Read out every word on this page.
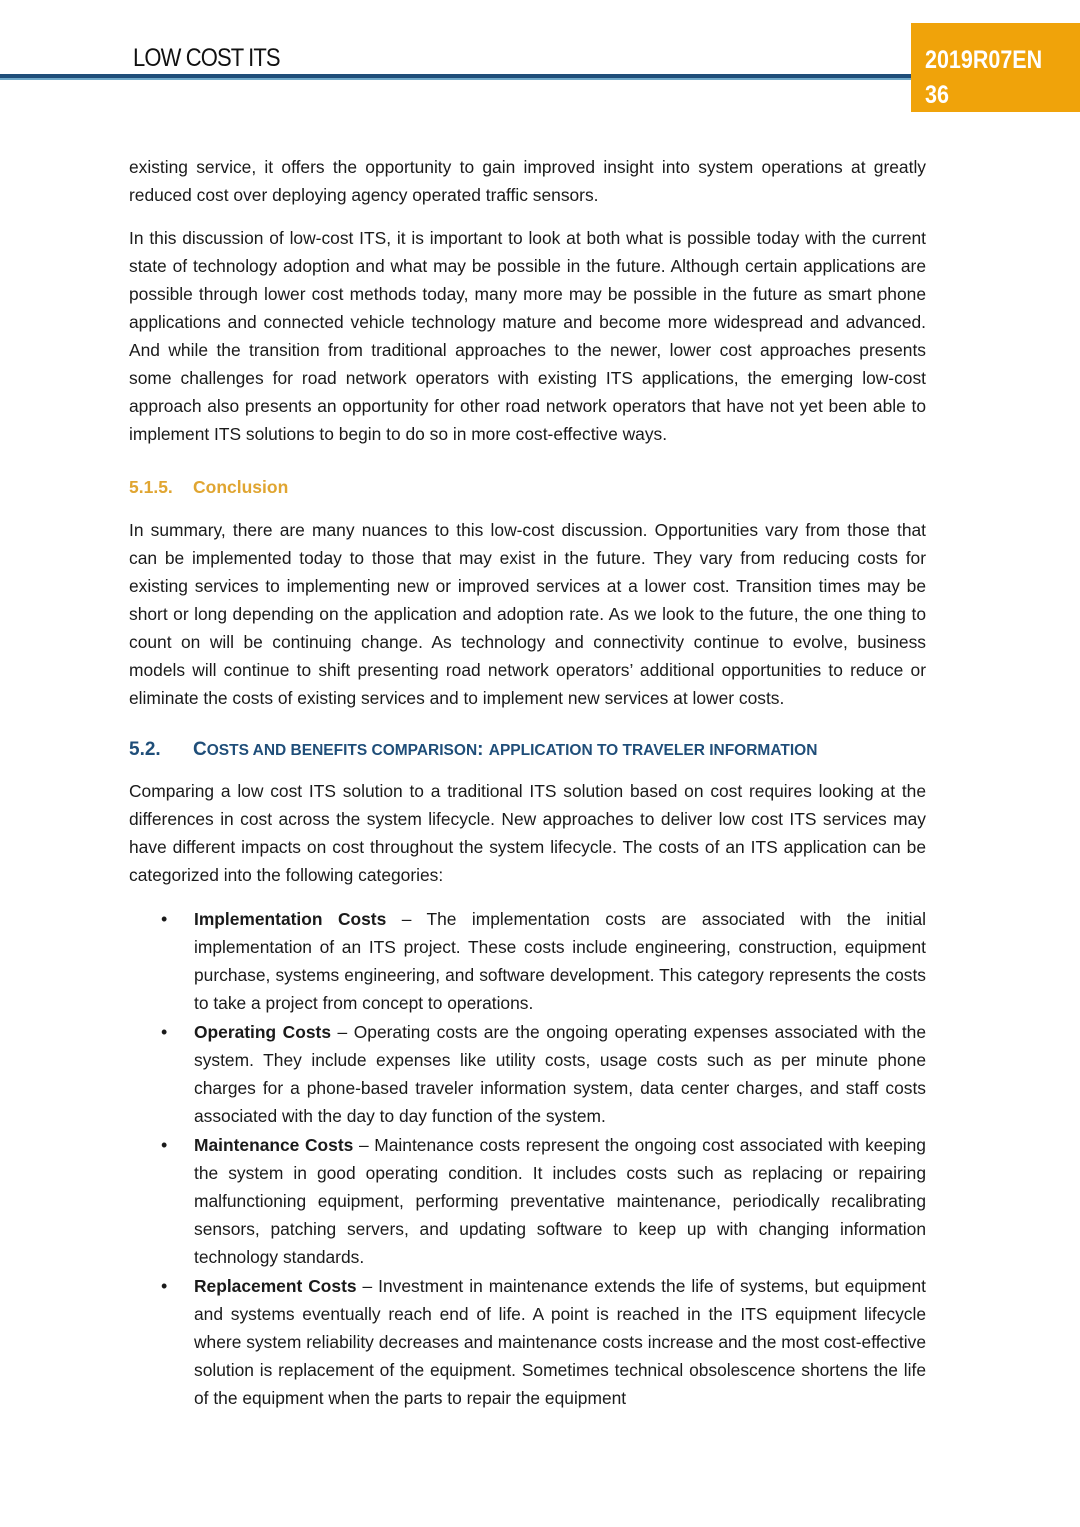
LOW COST ITS	2019R07EN
36

existing service, it offers the opportunity to gain improved insight into system operations at greatly reduced cost over deploying agency operated traffic sensors.

In this discussion of low-cost ITS, it is important to look at both what is possible today with the current state of technology adoption and what may be possible in the future. Although certain applications are possible through lower cost methods today, many more may be possible in the future as smart phone applications and connected vehicle technology mature and become more widespread and advanced. And while the transition from traditional approaches to the newer, lower cost approaches presents some challenges for road network operators with existing ITS applications, the emerging low-cost approach also presents an opportunity for other road network operators that have not yet been able to implement ITS solutions to begin to do so in more cost-effective ways.

5.1.5. Conclusion

In summary, there are many nuances to this low-cost discussion. Opportunities vary from those that can be implemented today to those that may exist in the future. They vary from reducing costs for existing services to implementing new or improved services at a lower cost. Transition times may be short or long depending on the application and adoption rate. As we look to the future, the one thing to count on will be continuing change. As technology and connectivity continue to evolve, business models will continue to shift presenting road network operators’ additional opportunities to reduce or eliminate the costs of existing services and to implement new services at lower costs.

5.2. COSTS AND BENEFITS COMPARISON: APPLICATION TO TRAVELER INFORMATION

Comparing a low cost ITS solution to a traditional ITS solution based on cost requires looking at the differences in cost across the system lifecycle. New approaches to deliver low cost ITS services may have different impacts on cost throughout the system lifecycle. The costs of an ITS application can be categorized into the following categories:

• Implementation Costs – The implementation costs are associated with the initial implementation of an ITS project. These costs include engineering, construction, equipment purchase, systems engineering, and software development. This category represents the costs to take a project from concept to operations.
• Operating Costs – Operating costs are the ongoing operating expenses associated with the system. They include expenses like utility costs, usage costs such as per minute phone charges for a phone-based traveler information system, data center charges, and staff costs associated with the day to day function of the system.
• Maintenance Costs – Maintenance costs represent the ongoing cost associated with keeping the system in good operating condition. It includes costs such as replacing or repairing malfunctioning equipment, performing preventative maintenance, periodically recalibrating sensors, patching servers, and updating software to keep up with changing information technology standards.
• Replacement Costs – Investment in maintenance extends the life of systems, but equipment and systems eventually reach end of life. A point is reached in the ITS equipment lifecycle where system reliability decreases and maintenance costs increase and the most cost-effective solution is replacement of the equipment. Sometimes technical obsolescence shortens the life of the equipment when the parts to repair the equipment
